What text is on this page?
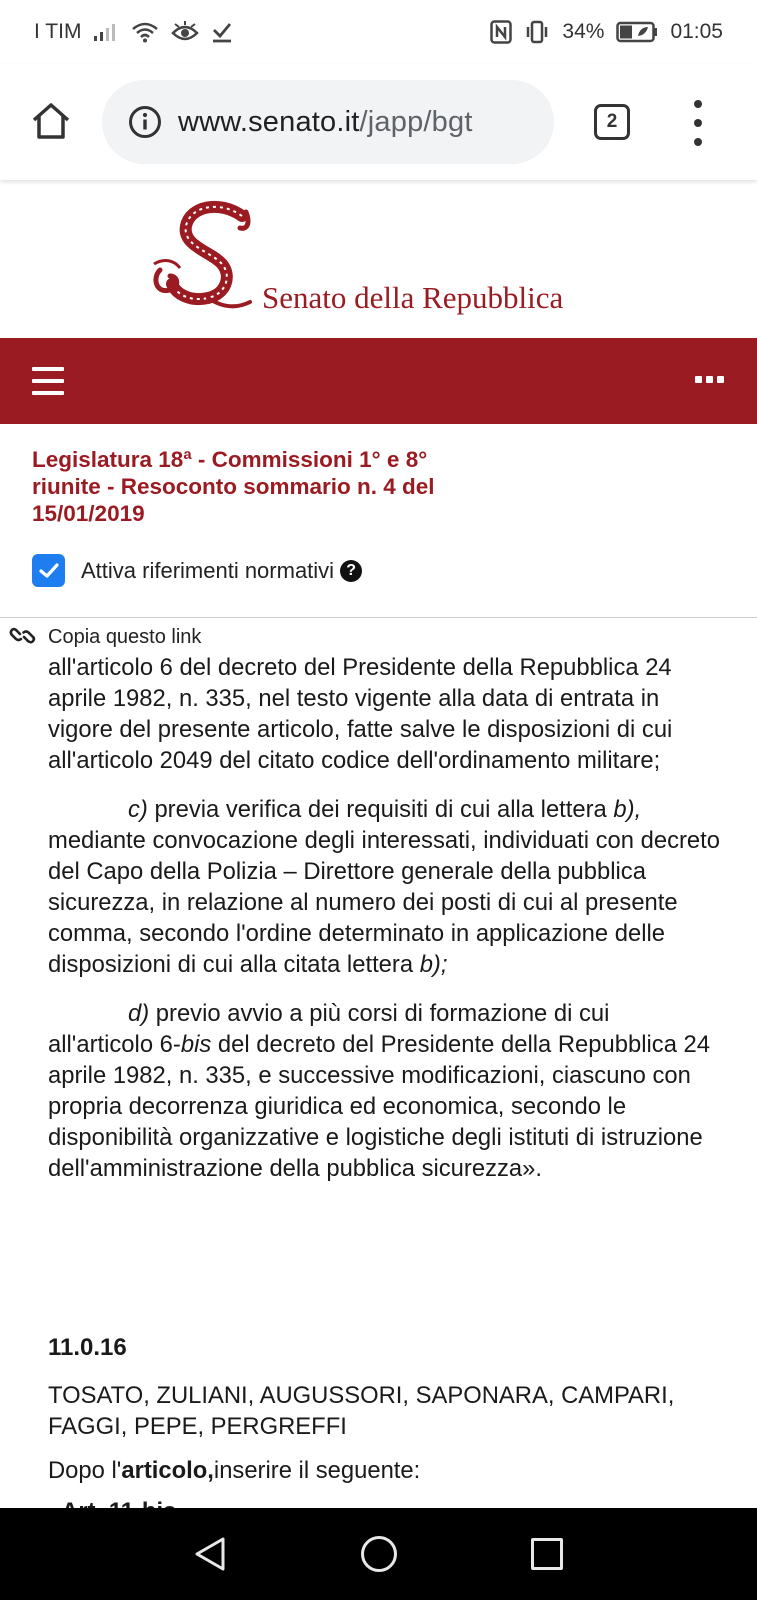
I TIM	34%	01:05
www.senato.it/japp/bgt	2
Senato della Repubblica
Legislatura 18ª - Commissioni 1° e 8° riunite - Resoconto sommario n. 4 del 15/01/2019
Attiva riferimenti normativi ?
Copia questo link

all'articolo 6 del decreto del Presidente della Repubblica 24 aprile 1982, n. 335, nel testo vigente alla data di entrata in vigore del presente articolo, fatte salve le disposizioni di cui all'articolo 2049 del citato codice dell'ordinamento militare;

c) previa verifica dei requisiti di cui alla lettera b), mediante convocazione degli interessati, individuati con decreto del Capo della Polizia – Direttore generale della pubblica sicurezza, in relazione al numero dei posti di cui al presente comma, secondo l'ordine determinato in applicazione delle disposizioni di cui alla citata lettera b);

d) previo avvio a più corsi di formazione di cui all'articolo 6-bis del decreto del Presidente della Repubblica 24 aprile 1982, n. 335, e successive modificazioni, ciascuno con propria decorrenza giuridica ed economica, secondo le disponibilità organizzative e logistiche degli istituti di istruzione dell'amministrazione della pubblica sicurezza».

11.0.16
TOSATO, ZULIANI, AUGUSSORI, SAPONARA, CAMPARI, FAGGI, PEPE, PERGREFFI
Dopo l'articolo,inserire il seguente:
